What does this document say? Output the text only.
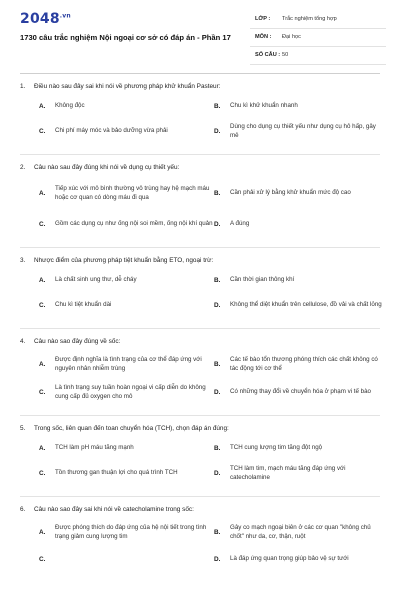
$2048^{.vn}$
1730 câu trắc nghiệm Nội ngoại cơ sở có đáp án - Phần 17
LỚP : Trắc nghiệm tổng hợp
MÔN : Đại học
SỐ CÂU : 50
1. Điều nào sau đây sai khi nói về phương pháp khử khuẩn Pasteur:
A.	Không độc	B.	Chu kì khử khuẩn nhanh
C.	Chi phí máy móc và bảo dưỡng vừa phải	D.
Dùng cho dụng cụ thiết yếu như dụng cụ hô hấp, gây mê
2. Câu nào sau đây đúng khi nói về dụng cụ thiết yếu:
A.
Tiếp xúc với mô bình thường vô trùng hay hệ mạch máu hoặc cơ quan có dòng máu đi qua
B.	Cần phải xử lý bằng khử khuẩn mức độ cao
C.	Gồm các dụng cụ như ống nội soi mềm, ống nội khí quản D.	A đúng
3. Nhược điểm của phương pháp tiệt khuẩn bằng ETO, ngoại trừ:
A.	Là chất sinh ung thư, dễ cháy	B.	Cần thời gian thông khí
C.	Chu kì tiệt khuẩn dài	D.	Không thể diệt khuẩn trên cellulose, đồ vải và chất lỏng
4. Câu nào sao đây đúng về sốc:
A.
Được định nghĩa là tình trạng của cơ thể đáp ứng với nguyên nhân nhiễm trùng
B.
Các tế bào tổn thương phóng thích các chất không có tác động tới cơ thể
C.
Là tình trạng suy tuần hoàn ngoại vi cấp diễn do không cung cấp đủ oxygen cho mô
D.	Có những thay đổi về chuyển hóa ở phạm vi tế bào
5. Trong sốc, liên quan đến toan chuyển hóa (TCH), chọn đáp án đúng:
A.	TCH làm pH máu tăng mạnh	B.	TCH cung lượng tim tăng đột ngộ
C.	Tồn thương gan thuận lợi cho quá trình TCH	D.
TCH làm tim, mạch máu tăng đáp ứng với catecholamine
6. Câu nào sao đây sai khi nói về catecholamine trong sốc:
A.
Được phóng thích do đáp ứng của hệ nội tiết trong tình trạng giảm cung lượng tim
B.
Gây co mạch ngoại biên ở các cơ quan "không chủ chốt" như da, cơ, thận, ruột
C.	D.	Là đáp ứng quan trọng giúp bảo vệ sự tưới
